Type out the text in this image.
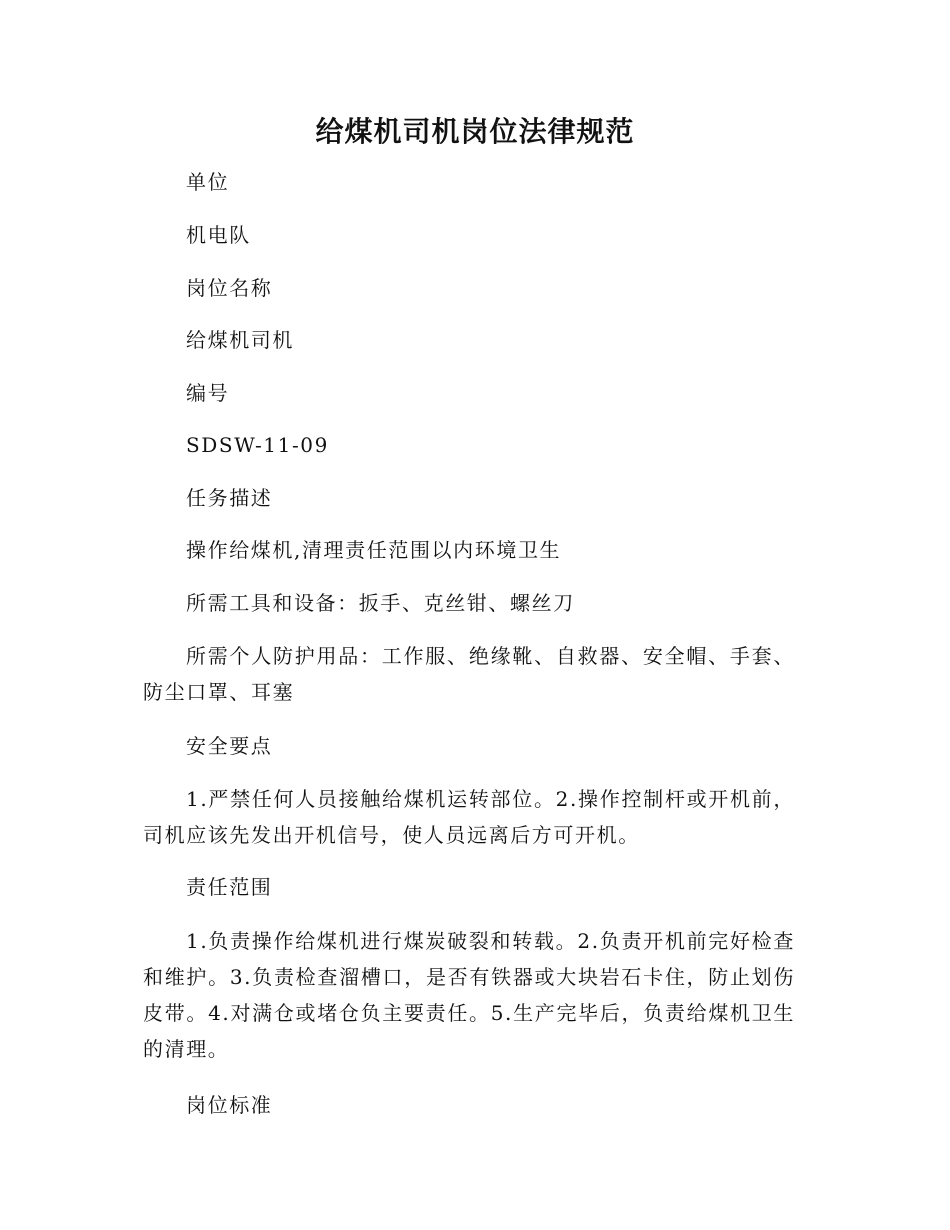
给煤机司机岗位法律规范

单位

机电队

岗位名称

给煤机司机

编号

SDSW-11-09

任务描述

操作给煤机,清理责任范围以内环境卫生

所需工具和设备：扳手、克丝钳、螺丝刀

所需个人防护用品：工作服、绝缘靴、自救器、安全帽、手套、防尘口罩、耳塞

安全要点

1.严禁任何人员接触给煤机运转部位。2.操作控制杆或开机前，司机应该先发出开机信号，使人员远离后方可开机。

责任范围

1.负责操作给煤机进行煤炭破裂和转载。2.负责开机前完好检查和维护。3.负责检查溜槽口，是否有铁器或大块岩石卡住，防止划伤皮带。4.对满仓或堵仓负主要责任。5.生产完毕后，负责给煤机卫生的清理。

岗位标准
